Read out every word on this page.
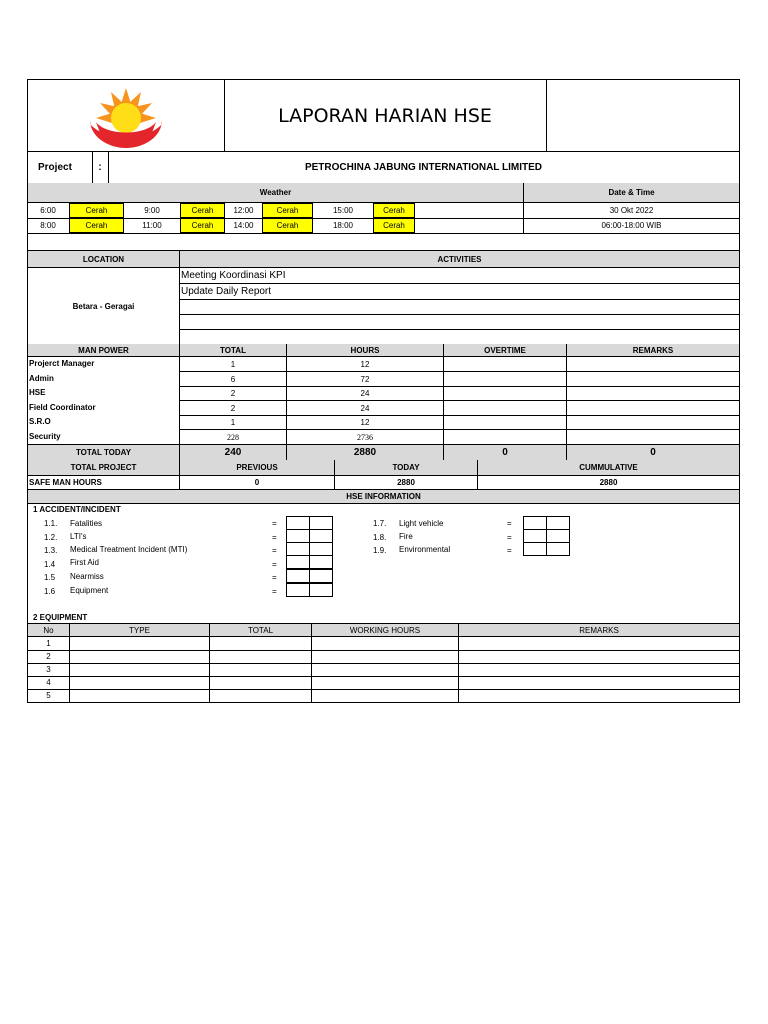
LAPORAN HARIAN HSE
Project	:	PETROCHINA JABUNG INTERNATIONAL LIMITED
Weather	Date & Time
6:00	Cerah	9:00	Cerah	12:00	Cerah	15:00	Cerah	30 Okt 2022
8:00	Cerah	11:00	Cerah	14:00	Cerah	18:00	Cerah	06:00-18:00 WIB
LOCATION	ACTIVITIES
Betara - Geragai
Meeting Koordinasi KPI
Update Daily Report
MAN POWER	TOTAL	HOURS	OVERTIME	REMARKS
Projerct Manager	1	12
Admin	6	72
HSE	2	24
Field Coordinator	2	24
S.R.O	1	12
Security	228	2736
TOTAL TODAY	240	2880	0	0
TOTAL PROJECT	PREVIOUS	TODAY	CUMMULATIVE
SAFE MAN HOURS	0	2880	2880
HSE INFORMATION
1 ACCIDENT/INCIDENT
1.1.	Fatalities	=
1.2.	LTI's	=
1.3.	Medical Treatment Incident (MTI)	=
1.4	First Aid	=
1.5	Nearmiss	=
1.6	Equipment	=
1.7.	Light vehicle	=
1.8.	Fire	=
1.9.	Environmental	=
2 EQUIPMENT
No	TYPE	TOTAL	WORKING HOURS	REMARKS
1
2
3
4
5
